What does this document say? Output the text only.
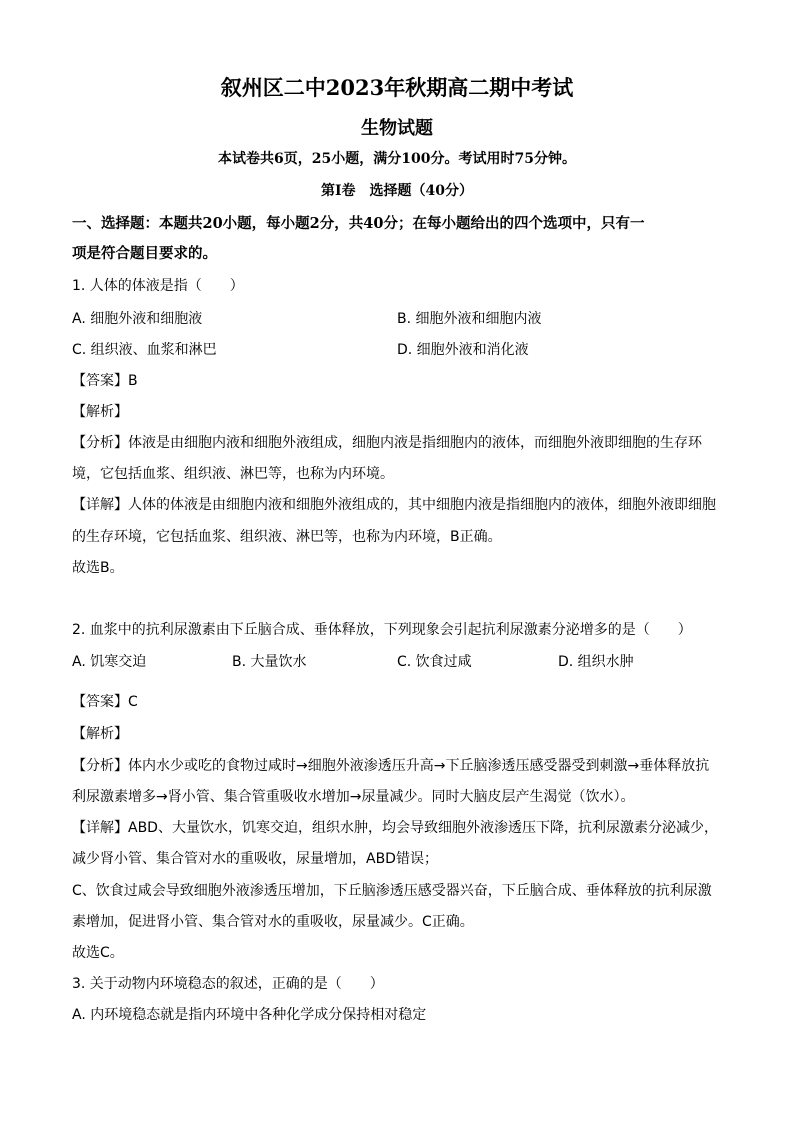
叙州区二中2023年秋期高二期中考试
生物试题
本试卷共6页，25小题，满分100分。考试用时75分钟。
第Ⅰ卷　选择题（40分）
一、选择题：本题共20小题，每小题2分，共40分；在每小题给出的四个选项中，只有一
项是符合题目要求的。
1. 人体的体液是指（　　）
A. 细胞外液和细胞液	B. 细胞外液和细胞内液
C. 组织液、血浆和淋巴	D. 细胞外液和消化液
【答案】B
【解析】
【分析】体液是由细胞内液和细胞外液组成，细胞内液是指细胞内的液体，而细胞外液即细胞的生存环
境，它包括血浆、组织液、淋巴等，也称为内环境。
【详解】人体的体液是由细胞内液和细胞外液组成的，其中细胞内液是指细胞内的液体，细胞外液即细胞
的生存环境，它包括血浆、组织液、淋巴等，也称为内环境，B正确。
故选B。
2. 血浆中的抗利尿激素由下丘脑合成、垂体释放，下列现象会引起抗利尿激素分泌增多的是（　　）
A. 饥寒交迫	B. 大量饮水	C. 饮食过咸	D. 组织水肿
【答案】C
【解析】
【分析】体内水少或吃的食物过咸时→细胞外液渗透压升高→下丘脑渗透压感受器受到刺激→垂体释放抗
利尿激素增多→肾小管、集合管重吸收水增加→尿量减少。同时大脑皮层产生渴觉（饮水）。
【详解】ABD、大量饮水，饥寒交迫，组织水肿，均会导致细胞外液渗透压下降，抗利尿激素分泌减少，
减少肾小管、集合管对水的重吸收，尿量增加，ABD错误；
C、饮食过咸会导致细胞外液渗透压增加，下丘脑渗透压感受器兴奋，下丘脑合成、垂体释放的抗利尿激
素增加，促进肾小管、集合管对水的重吸收，尿量减少。C正确。
故选C。
3. 关于动物内环境稳态的叙述，正确的是（　　）
A. 内环境稳态就是指内环境中各种化学成分保持相对稳定
